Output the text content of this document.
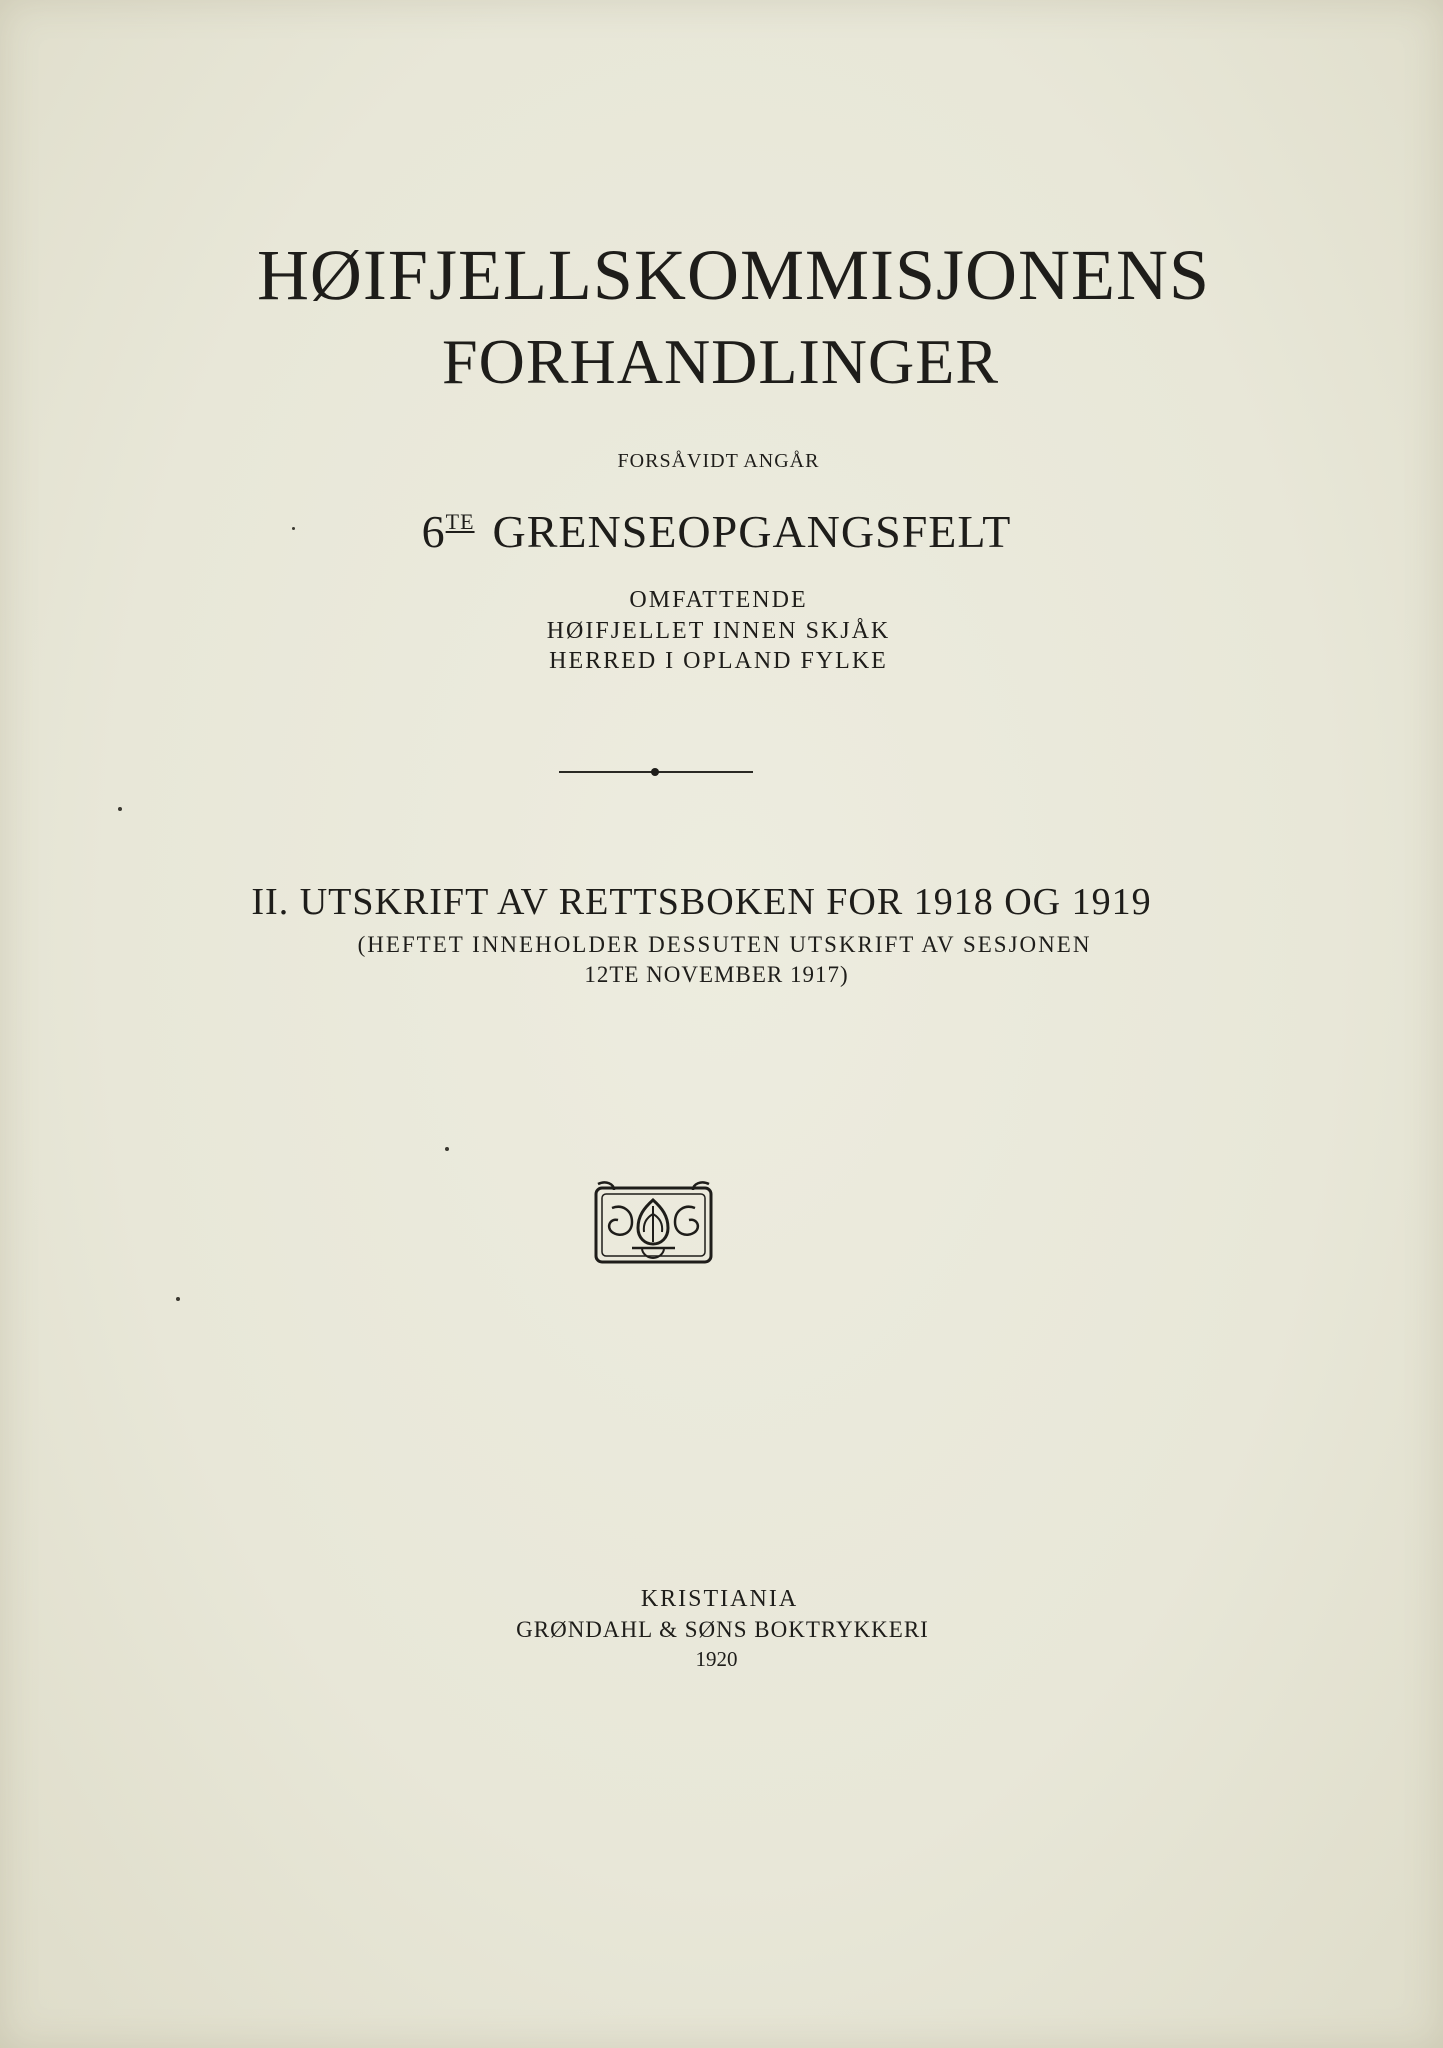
HØIFJELLSKOMMISJONENS
FORHANDLINGER
FORSÅVIDT ANGÅR
$6^{TE}$ GRENSEOPGANGSFELT
OMFATTENDE
HØIFJELLET INNEN SKJÅK
HERRED I OPLAND FYLKE
II. UTSKRIFT AV RETTSBOKEN FOR 1918 OG 1919
(HEFTET INNEHOLDER DESSUTEN UTSKRIFT AV SESJONEN
12TE NOVEMBER 1917)
KRISTIANIA
GRØNDAHL & SØNS BOKTRYKKERI
1920
